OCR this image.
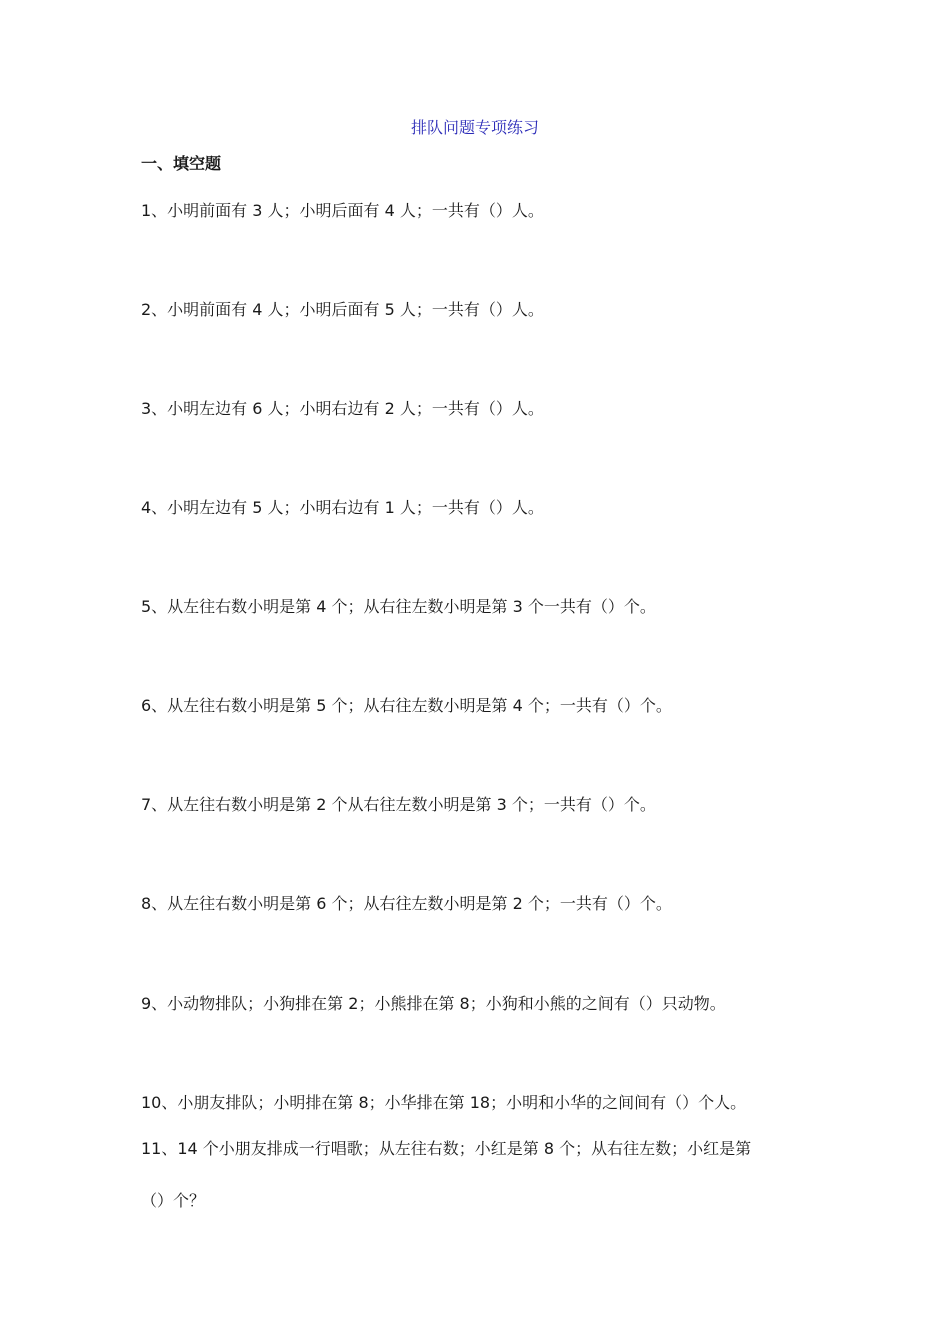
排队问题专项练习
一、填空题
1、小明前面有 3 人；小明后面有 4 人；一共有（）人。
2、小明前面有 4 人；小明后面有 5 人；一共有（）人。
3、小明左边有 6 人；小明右边有 2 人；一共有（）人。
4、小明左边有 5 人；小明右边有 1 人；一共有（）人。
5、从左往右数小明是第 4 个；从右往左数小明是第 3 个一共有（）个。
6、从左往右数小明是第 5 个；从右往左数小明是第 4 个；一共有（）个。
7、从左往右数小明是第 2 个从右往左数小明是第 3 个；一共有（）个。
8、从左往右数小明是第 6 个；从右往左数小明是第 2 个；一共有（）个。
9、小动物排队；小狗排在第 2；小熊排在第 8；小狗和小熊的之间有（）只动物。
10、小朋友排队；小明排在第 8；小华排在第 18；小明和小华的之间间有（）个人。
11、14 个小朋友排成一行唱歌；从左往右数；小红是第 8 个；从右往左数；小红是第
（）个？
